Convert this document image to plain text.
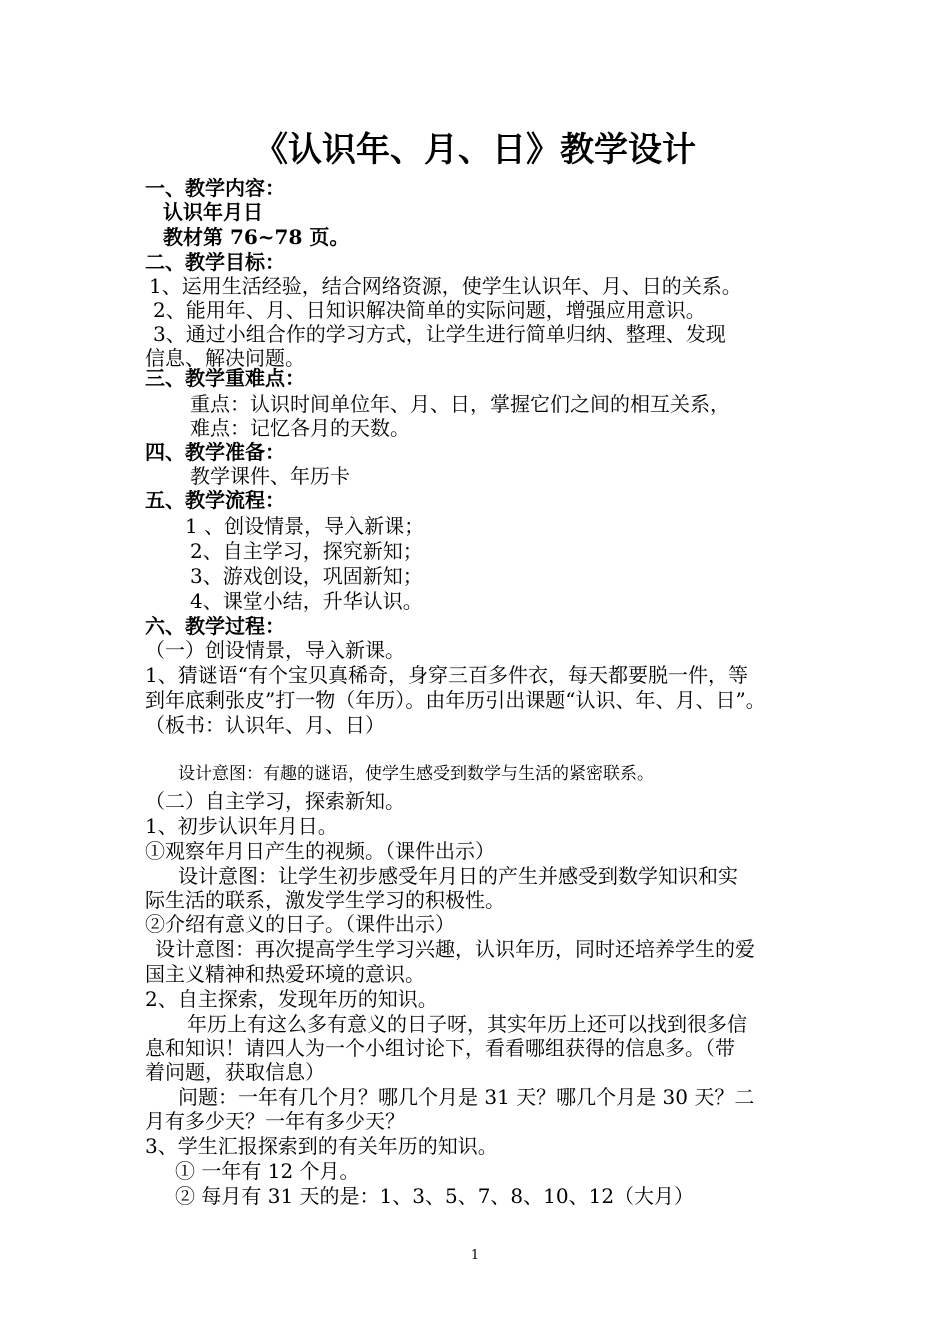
《认识年、月、日》教学设计
一、教学内容：
认识年月日
教材第 76~78 页。
二、教学目标：
1、运用生活经验，结合网络资源，使学生认识年、月、日的关系。
2、能用年、月、日知识解决简单的实际问题，增强应用意识。
3、通过小组合作的学习方式，让学生进行简单归纳、整理、发现
信息、解决问题。
三、教学重难点：
重点：认识时间单位年、月、日，掌握它们之间的相互关系，
难点：记忆各月的天数。
四、教学准备：
教学课件、年历卡
五、教学流程：
1 、创设情景，导入新课；
2、自主学习，探究新知；
3、游戏创设，巩固新知；
4、课堂小结，升华认识。
六、教学过程：
（一）创设情景，导入新课。
1、猜谜语“有个宝贝真稀奇，身穿三百多件衣，每天都要脱一件，等
到年底剩张皮”打一物（年历）。由年历引出课题“认识、年、月、日”。
（板书：认识年、月、日）
设计意图：有趣的谜语，使学生感受到数学与生活的紧密联系。
（二）自主学习，探索新知。
1、初步认识年月日。
①观察年月日产生的视频。（课件出示）
设计意图：让学生初步感受年月日的产生并感受到数学知识和实
际生活的联系，激发学生学习的积极性。
②介绍有意义的日子。（课件出示）
设计意图：再次提高学生学习兴趣，认识年历，同时还培养学生的爱
国主义精神和热爱环境的意识。
2、自主探索，发现年历的知识。
年历上有这么多有意义的日子呀，其实年历上还可以找到很多信
息和知识！请四人为一个小组讨论下，看看哪组获得的信息多。（带
着问题，获取信息）
问题：一年有几个月？哪几个月是 31 天？哪几个月是 30 天？二
月有多少天？一年有多少天？
3、学生汇报探索到的有关年历的知识。
① 一年有 12 个月。
② 每月有 31 天的是：1、3、5、7、8、10、12（大月）
1
